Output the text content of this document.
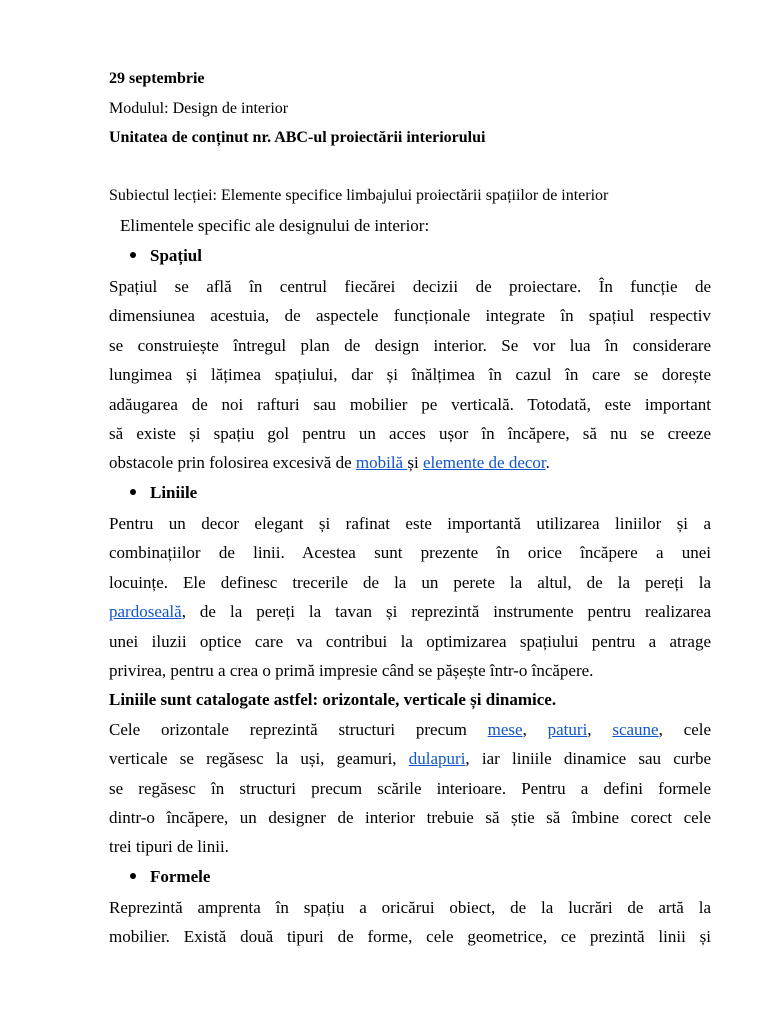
29 septembrie
Modulul: Design de interior
Unitatea de conținut nr. ABC-ul proiectării interiorului
Subiectul lecției: Elemente specifice limbajului proiectării spațiilor de interior
Elimentele specific ale designului de interior:
Spațiul
Spațiul se află în centrul fiecărei decizii de proiectare. În funcție de
dimensiunea acestuia, de aspectele funcționale integrate în spațiul respectiv
se construiește întregul plan de design interior. Se vor lua în considerare
lungimea și lățimea spațiului, dar și înălțimea în cazul în care se dorește
adăugarea de noi rafturi sau mobilier pe verticală. Totodată, este important
să existe și spațiu gol pentru un acces ușor în încăpere, să nu se creeze
obstacole prin folosirea excesivă de mobilă și elemente de decor.
Liniile
Pentru un decor elegant și rafinat este importantă utilizarea liniilor și a
combinațiilor de linii. Acestea sunt prezente în orice încăpere a unei
locuințe. Ele definesc trecerile de la un perete la altul, de la pereți la
pardoseală, de la pereți la tavan și reprezintă instrumente pentru realizarea
unei iluzii optice care va contribui la optimizarea spațiului pentru a atrage
privirea, pentru a crea o primă impresie când se pășește într-o încăpere.
Liniile sunt catalogate astfel: orizontale, verticale și dinamice.
Cele orizontale reprezintă structuri precum mese, paturi, scaune, cele
verticale se regăsesc la uși, geamuri, dulapuri, iar liniile dinamice sau curbe
se regăsesc în structuri precum scările interioare. Pentru a defini formele
dintr-o încăpere, un designer de interior trebuie să știe să îmbine corect cele
trei tipuri de linii.
Formele
Reprezintă amprenta în spațiu a oricărui obiect, de la lucrări de artă la
mobilier. Există două tipuri de forme, cele geometrice, ce prezintă linii și
